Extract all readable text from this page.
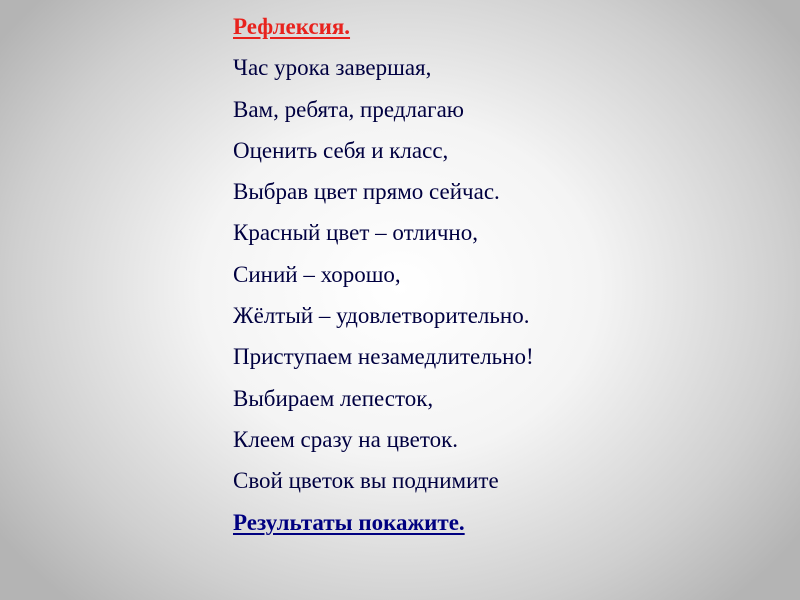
Рефлексия.
Час урока завершая,
Вам, ребята, предлагаю
Оценить себя и класс,
Выбрав цвет прямо сейчас.
Красный цвет – отлично,
Синий – хорошо,
Жёлтый – удовлетворительно.
Приступаем незамедлительно!
Выбираем лепесток,
Клеем сразу на цветок.
Свой цветок вы поднимите
Результаты покажите.
